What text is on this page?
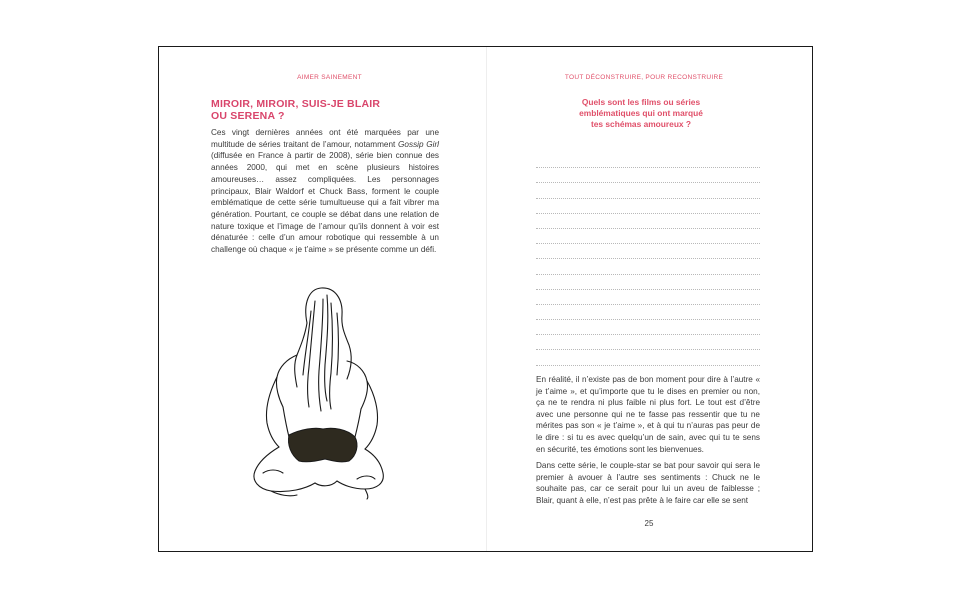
AIMER SAINEMENT
MIROIR, MIROIR, SUIS-JE BLAIR
OU SERENA ?

Ces vingt dernières années ont été marquées par une multitude de séries traitant de l’amour, notamment Gossip Girl (diffusée en France à partir de 2008), série bien connue des années 2000, qui met en scène plusieurs histoires amoureuses… assez compliquées. Les personnages principaux, Blair Waldorf et Chuck Bass, forment le couple emblématique de cette série tumultueuse qui a fait vibrer ma génération. Pourtant, ce couple se débat dans une relation de nature toxique et l’image de l’amour qu’ils donnent à voir est dénaturée : celle d’un amour robotique qui ressemble à un challenge où chaque « je t’aime » se présente comme un défi.

TOUT DÉCONSTRUIRE, POUR RECONSTRUIRE
Quels sont les films ou séries
emblématiques qui ont marqué
tes schémas amoureux ?

En réalité, il n’existe pas de bon moment pour dire à l’autre « je t’aime », et qu’importe que tu le dises en premier ou non, ça ne te rendra ni plus faible ni plus fort. Le tout est d’être avec une personne qui ne te fasse pas ressentir que tu ne mérites pas son « je t’aime », et à qui tu n’auras pas peur de le dire : si tu es avec quelqu’un de sain, avec qui tu te sens en sécurité, tes émotions sont les bienvenues.

Dans cette série, le couple-star se bat pour savoir qui sera le premier à avouer à l’autre ses sentiments : Chuck ne le souhaite pas, car ce serait pour lui un aveu de faiblesse ; Blair, quant à elle, n’est pas prête à le faire car elle se sent

25
